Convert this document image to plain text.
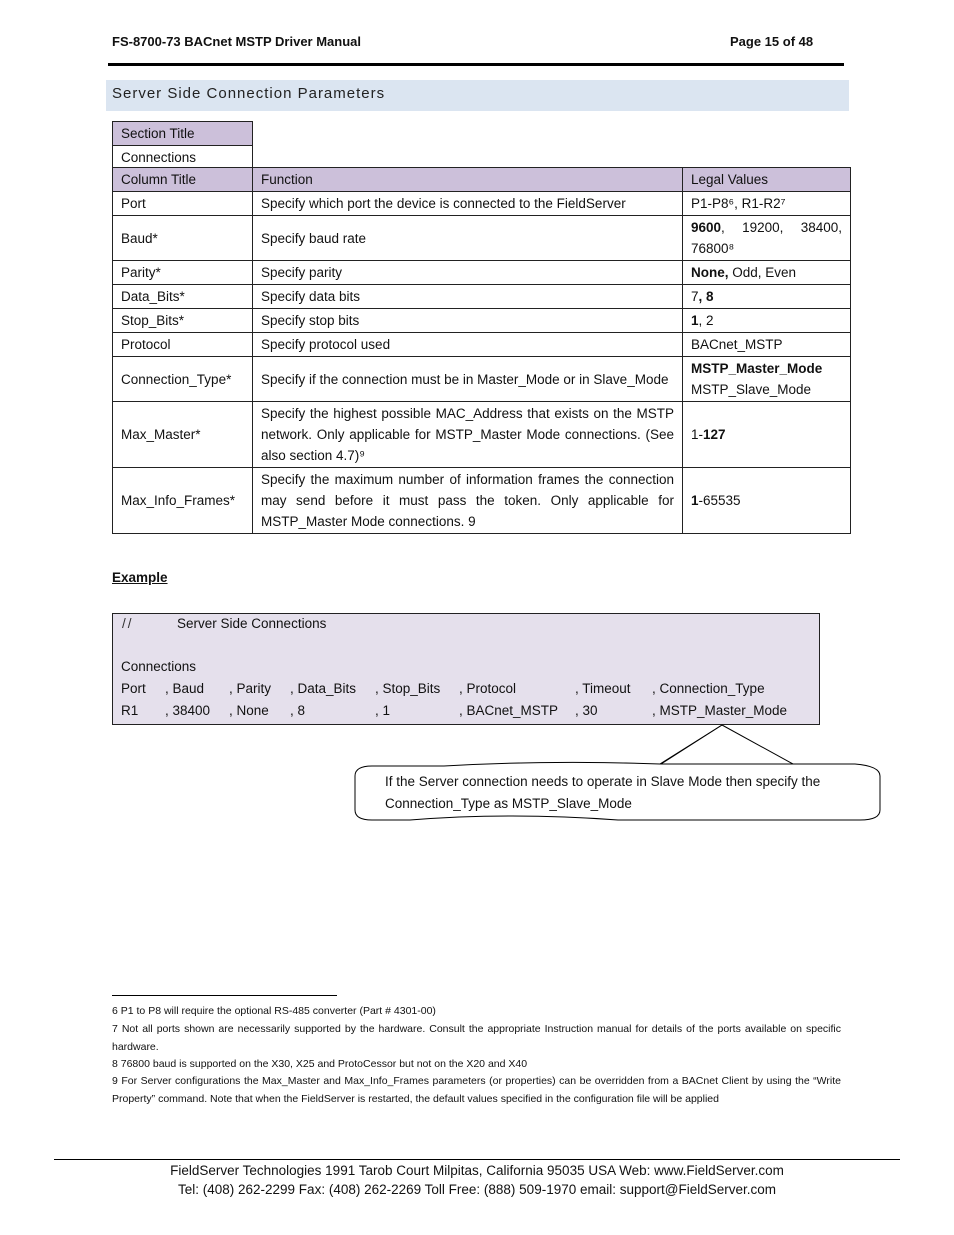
FS-8700-73 BACnet MSTP Driver Manual	Page 15 of 48
Server Side Connection Parameters
Section Title
Connections
Column Title	Function	Legal Values
Port	Specify which port the device is connected to the FieldServer	P1-P8⁶, R1-R2⁷
Baud*	Specify baud rate	9600, 19200, 38400, 76800⁸
Parity*	Specify parity	None, Odd, Even
Data_Bits*	Specify data bits	7, 8
Stop_Bits*	Specify stop bits	1, 2
Protocol	Specify protocol used	BACnet_MSTP
Connection_Type*	Specify if the connection must be in Master_Mode or in Slave_Mode	MSTP_Master_Mode
MSTP_Slave_Mode
Max_Master*	Specify the highest possible MAC_Address that exists on the MSTP network. Only applicable for MSTP_Master Mode connections. (See also section 4.7)⁹	1-127
Max_Info_Frames*	Specify the maximum number of information frames the connection may send before it must pass the token. Only applicable for MSTP_Master Mode connections. 9	1-65535
Example
//	Server Side Connections
Connections
Port , Baud , Parity , Data_Bits , Stop_Bits , Protocol	, Timeout , Connection_Type
R1 , 38400 , None , 8	, 1	, BACnet_MSTP , 30	, MSTP_Master_Mode
If the Server connection needs to operate in Slave Mode then specify the Connection_Type as MSTP_Slave_Mode
6 P1 to P8 will require the optional RS-485 converter (Part # 4301-00)
7 Not all ports shown are necessarily supported by the hardware. Consult the appropriate Instruction manual for details of the ports available on specific hardware.
8 76800 baud is supported on the X30, X25 and ProtoCessor but not on the X20 and X40
9 For Server configurations the Max_Master and Max_Info_Frames parameters (or properties) can be overridden from a BACnet Client by using the “Write Property” command. Note that when the FieldServer is restarted, the default values specified in the configuration file will be applied
FieldServer Technologies 1991 Tarob Court Milpitas, California 95035 USA Web: www.FieldServer.com
Tel: (408) 262-2299 Fax: (408) 262-2269 Toll Free: (888) 509-1970 email: support@FieldServer.com
